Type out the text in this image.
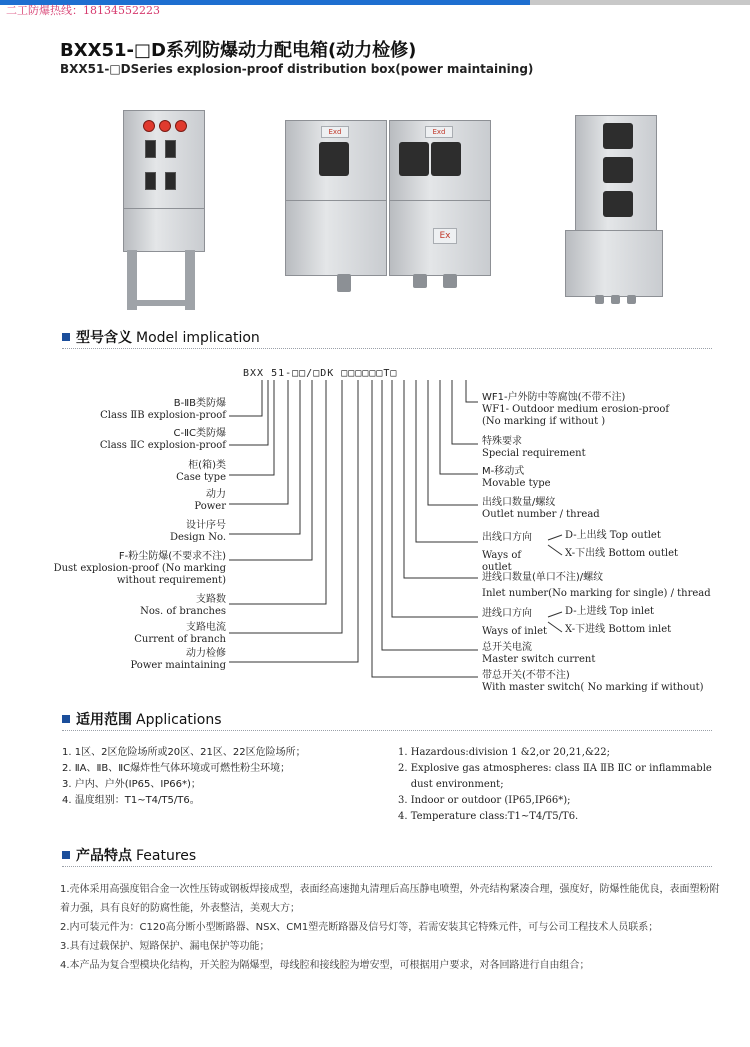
二工防爆热线：18134552223
BXX51-□D系列防爆动力配电箱(动力检修)
BXX51-□DSeries explosion-proof distribution box(power maintaining)
Exd	Exd
Ex
型号含义 Model implication
BXX 51-□□/□DK □□□□□□T□
B-ⅡB类防爆
Class ⅡB explosion-proof
C-ⅡC类防爆
Class ⅡC explosion-proof
柜(箱)类
Case type
动力
Power
设计序号
Design No.
F-粉尘防爆(不要求不注)
Dust explosion-proof (No marking
without requirement)
支路数
Nos. of branches
支路电流
Current of branch
动力检修
Power maintaining
WF1-户外防中等腐蚀(不带不注)
WF1- Outdoor medium erosion-proof
(No marking if without )
特殊要求
Special requirement
M-移动式
Movable type
出线口数量/螺纹
Outlet number / thread
出线口方向
Ways of outlet
D-上出线 Top outlet
X-下出线 Bottom outlet
进线口数量(单口不注)/螺纹
Inlet number(No marking for single) / thread
进线口方向
Ways of inlet
D-上进线 Top inlet
X-下进线 Bottom inlet
总开关电流
Master switch current
带总开关(不带不注)
With master switch( No marking if without)
适用范围 Applications
1. 1区、2区危险场所或20区、21区、22区危险场所；
2. ⅡA、ⅡB、ⅡC爆炸性气体环境或可燃性粉尘环境；
3. 户内、户外(IP65、IP66*)；
4. 温度组别：T1~T4/T5/T6。
1. Hazardous:division 1 &2,or 20,21,&22;
2. Explosive gas atmospheres: class ⅡA ⅡB ⅡC or inflammable
dust environment;
3. Indoor or outdoor (IP65,IP66*);
4. Temperature class:T1~T4/T5/T6.
产品特点 Features
1.壳体采用高强度铝合金一次性压铸或钢板焊接成型，表面经高速抛丸清理后高压静电喷塑，外壳结构紧凑合理，强度好，防爆性能优良，表面塑粉附着力强，具有良好的防腐性能，外表整洁，美观大方；
2.内可装元件为：C120高分断小型断路器、NSX、CM1塑壳断路器及信号灯等，若需安装其它特殊元件，可与公司工程技术人员联系；
3.具有过载保护、短路保护、漏电保护等功能；
4.本产品为复合型模块化结构，开关腔为隔爆型，母线腔和接线腔为增安型，可根据用户要求，对各回路进行自由组合；
